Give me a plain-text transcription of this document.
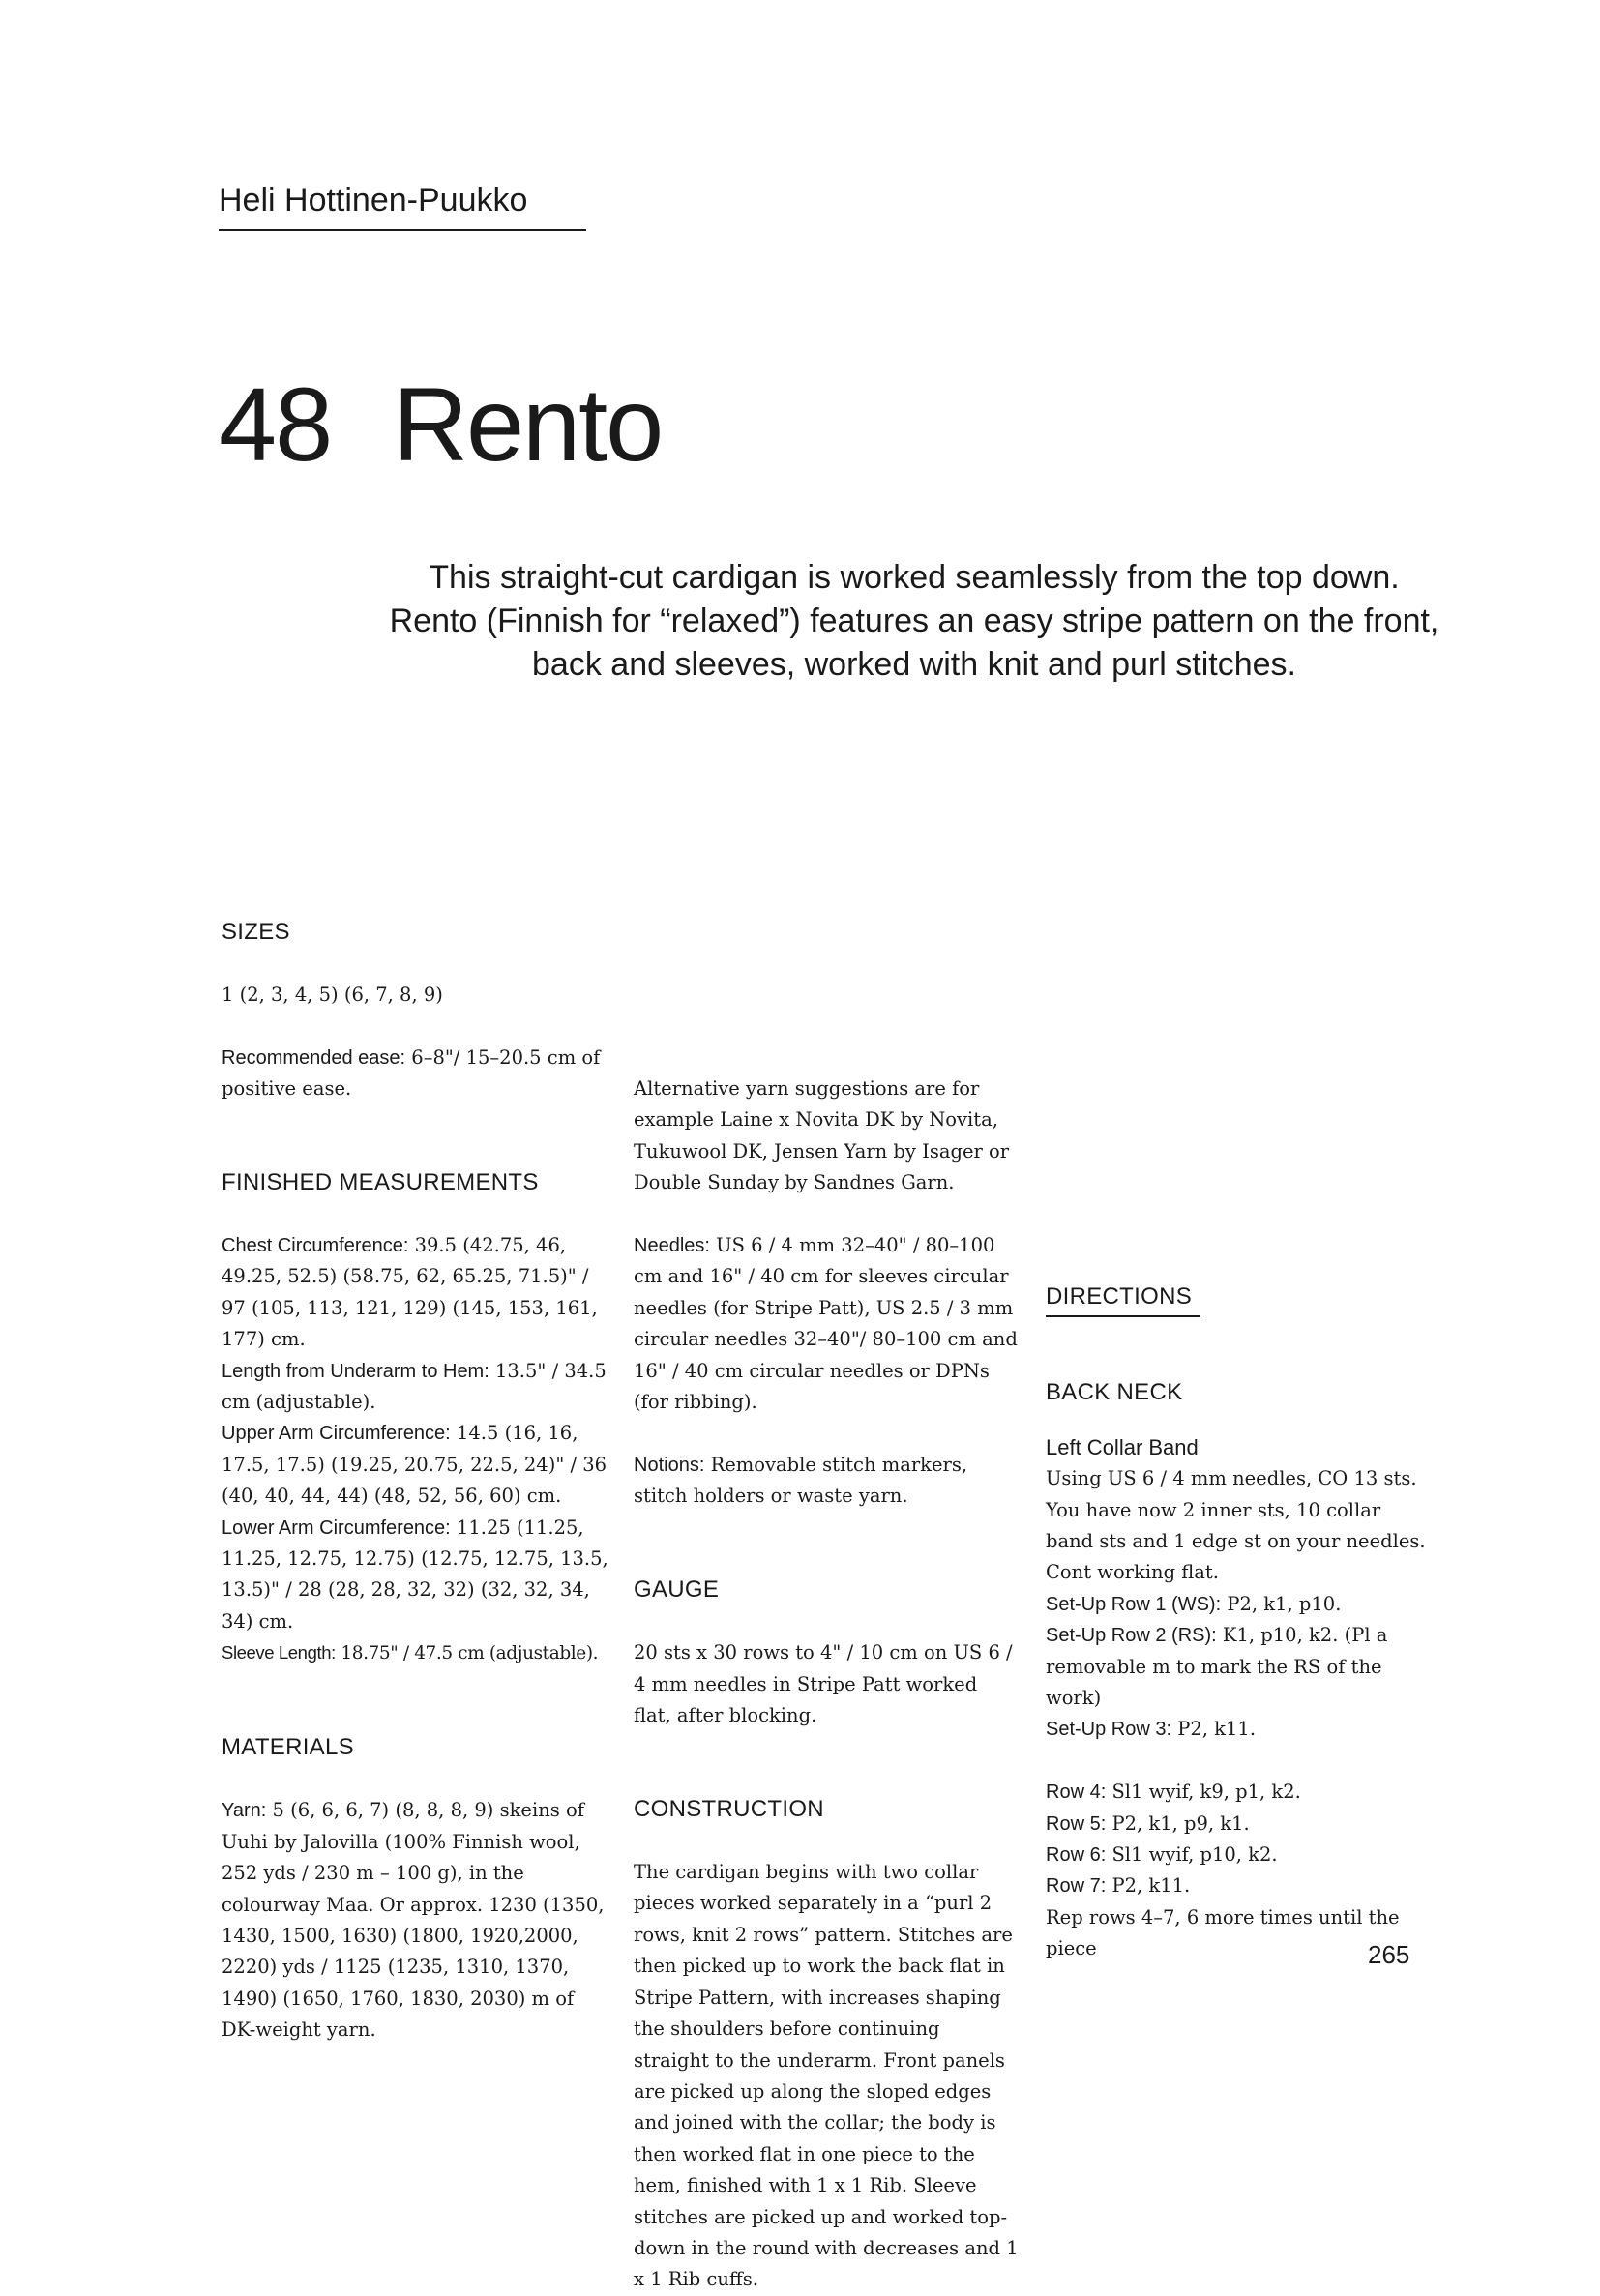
Heli Hottinen-Puukko
48 Rento
This straight-cut cardigan is worked seamlessly from the top down. Rento (Finnish for “relaxed”) features an easy stripe pattern on the front, back and sleeves, worked with knit and purl stitches.

SIZES

1 (2, 3, 4, 5) (6, 7, 8, 9)

Recommended ease: 6–8"/ 15–20.5 cm of positive ease.

FINISHED MEASUREMENTS

Chest Circumference: 39.5 (42.75, 46, 49.25, 52.5) (58.75, 62, 65.25, 71.5)" / 97 (105, 113, 121, 129) (145, 153, 161, 177) cm.

Length from Underarm to Hem: 13.5" / 34.5 cm (adjustable).

Upper Arm Circumference: 14.5 (16, 16, 17.5, 17.5) (19.25, 20.75, 22.5, 24)" / 36 (40, 40, 44, 44) (48, 52, 56, 60) cm.

Lower Arm Circumference: 11.25 (11.25, 11.25, 12.75, 12.75) (12.75, 12.75, 13.5, 13.5)" / 28 (28, 28, 32, 32) (32, 32, 34, 34) cm.

Sleeve Length: 18.75" / 47.5 cm (adjustable).

MATERIALS

Yarn: 5 (6, 6, 6, 7) (8, 8, 8, 9) skeins of Uuhi by Jalovilla (100% Finnish wool, 252 yds / 230 m – 100 g), in the colourway Maa. Or approx. 1230 (1350, 1430, 1500, 1630) (1800, 1920,2000, 2220) yds / 1125 (1235, 1310, 1370, 1490) (1650, 1760, 1830, 2030) m of DK-weight yarn.

Alternative yarn suggestions are for example Laine x Novita DK by Novita, Tukuwool DK, Jensen Yarn by Isager or Double Sunday by Sandnes Garn.

Needles: US 6 / 4 mm 32–40" / 80–100 cm and 16" / 40 cm for sleeves circular needles (for Stripe Patt), US 2.5 / 3 mm circular needles 32–40"/ 80–100 cm and 16" / 40 cm circular needles or DPNs (for ribbing).

Notions: Removable stitch markers, stitch holders or waste yarn.

GAUGE

20 sts x 30 rows to 4" / 10 cm on US 6 / 4 mm needles in Stripe Patt worked flat, after blocking.

CONSTRUCTION

The cardigan begins with two collar pieces worked separately in a “purl 2 rows, knit 2 rows” pattern. Stitches are then picked up to work the back flat in Stripe Pattern, with increases shaping the shoulders before continuing straight to the underarm. Front panels are picked up along the sloped edges and joined with the collar; the body is then worked flat in one piece to the hem, finished with 1 x 1 Rib. Sleeve stitches are picked up and worked top-down in the round with decreases and 1 x 1 Rib cuffs.

DIRECTIONS

BACK NECK

Left Collar Band

Using US 6 / 4 mm needles, CO 13 sts. You have now 2 inner sts, 10 collar band sts and 1 edge st on your needles. Cont working flat.

Set-Up Row 1 (WS): P2, k1, p10.

Set-Up Row 2 (RS): K1, p10, k2. (Pl a removable m to mark the RS of the work)

Set-Up Row 3: P2, k11.

Row 4: Sl1 wyif, k9, p1, k2.

Row 5: P2, k1, p9, k1.

Row 6: Sl1 wyif, p10, k2.

Row 7: P2, k11.

Rep rows 4–7, 6 more times until the piece	265
